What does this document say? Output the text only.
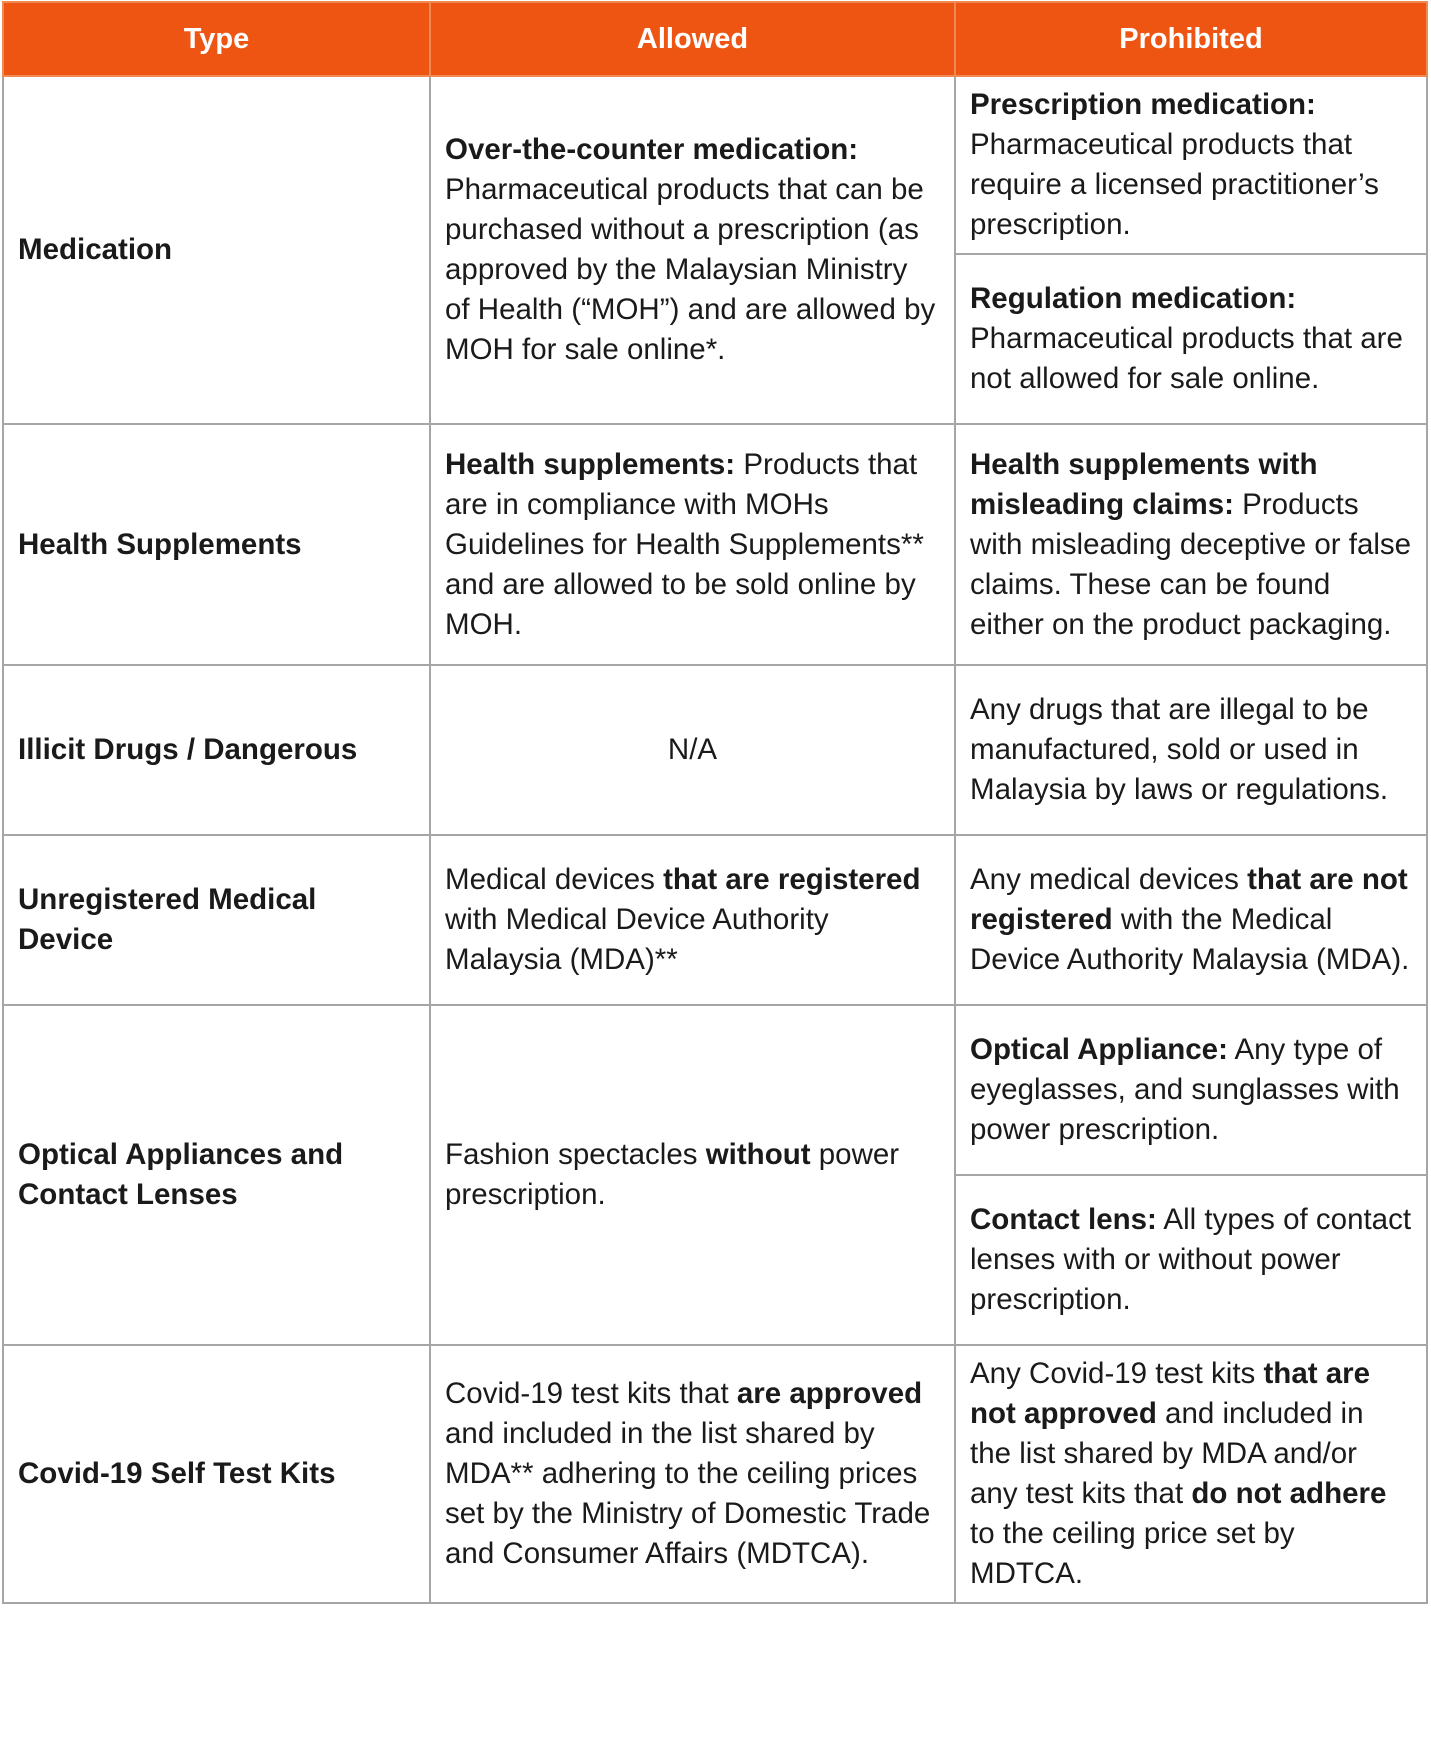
Type	Allowed	Prohibited
Medication	Over-the-counter medication: Pharmaceutical products that can be purchased without a prescription (as approved by the Malaysian Ministry of Health (“MOH”) and are allowed by MOH for sale online*.	Prescription medication: Pharmaceutical products that require a licensed practitioner’s prescription.
		Regulation medication: Pharmaceutical products that are not allowed for sale online.
Health Supplements	Health supplements: Products that are in compliance with MOHs Guidelines for Health Supplements** and are allowed to be sold online by MOH.	Health supplements with misleading claims: Products with misleading deceptive or false claims. These can be found either on the product packaging.
Illicit Drugs / Dangerous	N/A	Any drugs that are illegal to be manufactured, sold or used in Malaysia by laws or regulations.
Unregistered Medical Device	Medical devices that are registered with Medical Device Authority Malaysia (MDA)**	Any medical devices that are not registered with the Medical Device Authority Malaysia (MDA).
Optical Appliances and Contact Lenses	Fashion spectacles without power prescription.	Optical Appliance: Any type of eyeglasses, and sunglasses with power prescription.
		Contact lens: All types of contact lenses with or without power prescription.
Covid-19 Self Test Kits	Covid-19 test kits that are approved and included in the list shared by MDA** adhering to the ceiling prices set by the Ministry of Domestic Trade and Consumer Affairs (MDTCA).	Any Covid-19 test kits that are not approved and included in the list shared by MDA and/or any test kits that do not adhere to the ceiling price set by MDTCA.
